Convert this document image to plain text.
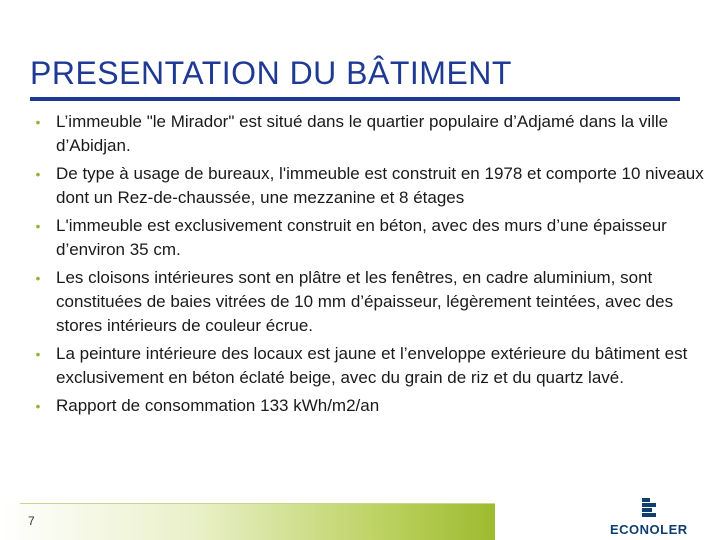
PRESENTATION DU BÂTIMENT
• L’immeuble "le Mirador" est situé dans le quartier populaire d’Adjamé dans la ville d’Abidjan.
• De type à usage de bureaux, l'immeuble est construit en 1978 et comporte 10 niveaux dont un Rez-de-chaussée, une mezzanine et 8 étages
• L'immeuble est exclusivement construit en béton, avec des murs d’une épaisseur d’environ 35 cm.
• Les cloisons intérieures sont en plâtre et les fenêtres, en cadre aluminium, sont constituées de baies vitrées de 10 mm d’épaisseur, légèrement teintées, avec des stores intérieurs de couleur écrue.
• La peinture intérieure des locaux est jaune et l’enveloppe extérieure du bâtiment est exclusivement en béton éclaté beige, avec du grain de riz et du quartz lavé.
• Rapport de consommation 133 kWh/m2/an
7
ECONOLER
